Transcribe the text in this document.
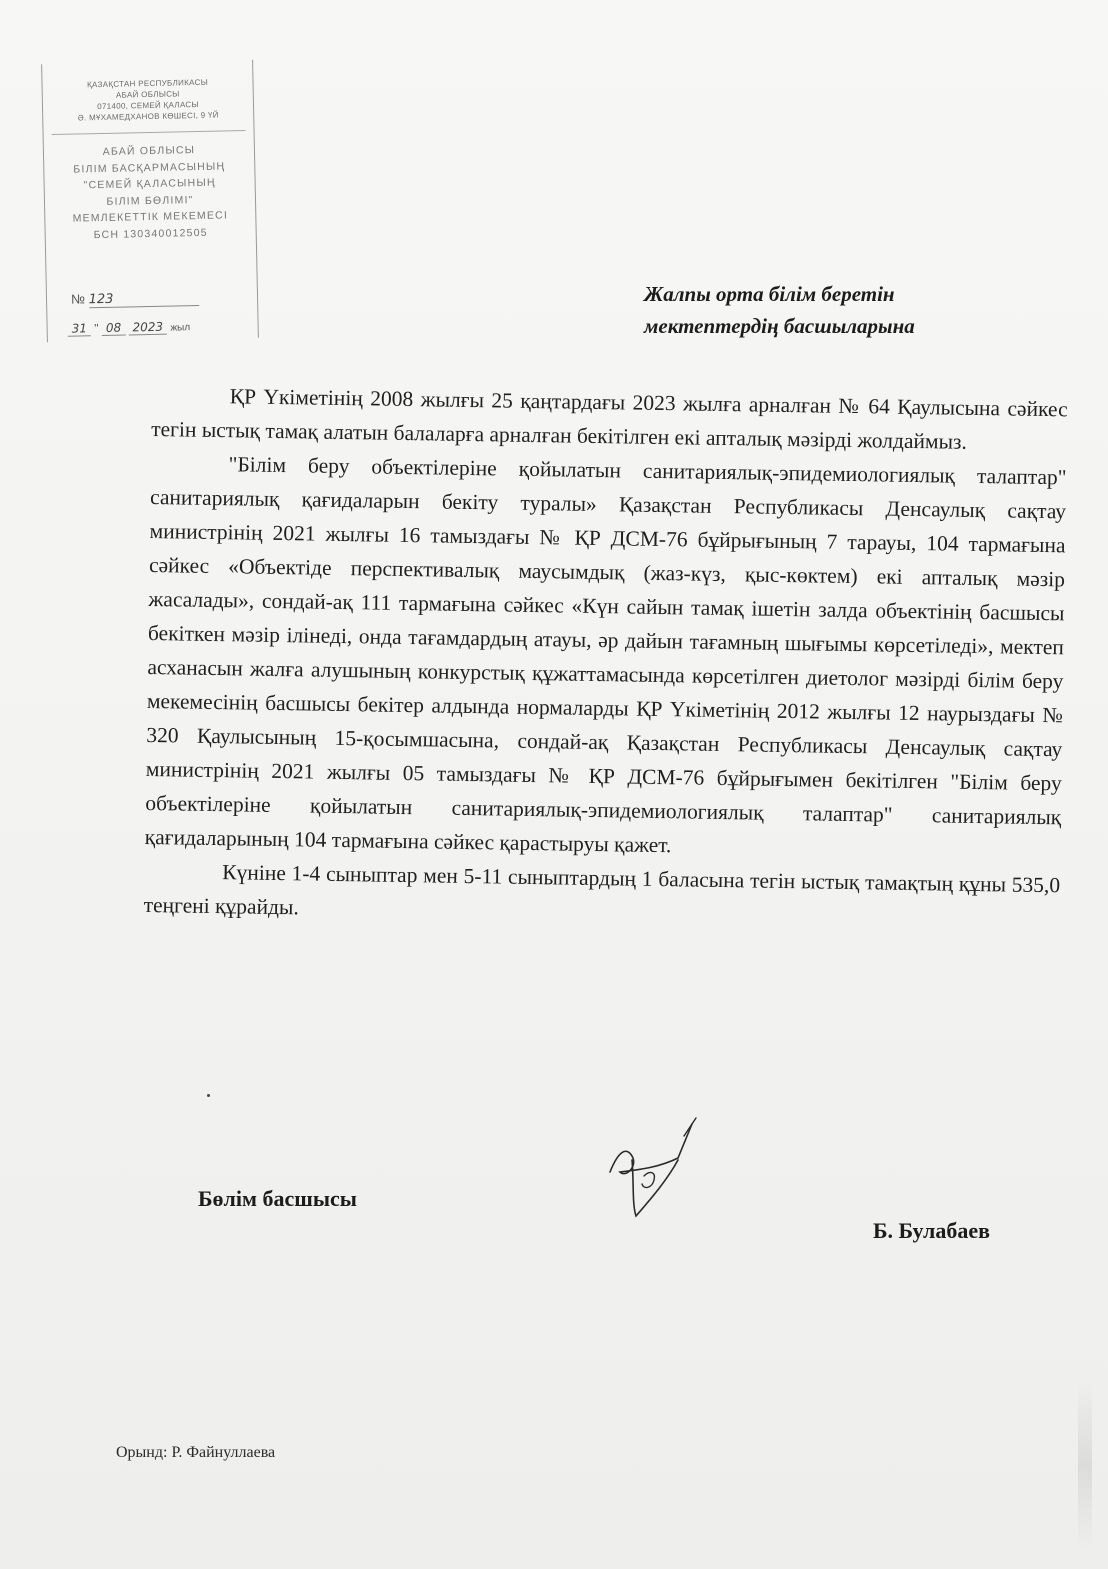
ҚАЗАҚСТАН РЕСПУБЛИКАСЫ
АБАЙ ОБЛЫСЫ
071400, СЕМЕЙ ҚАЛАСЫ
Ә. МҰХАМЕДХАНОВ КӨШЕСІ, 9 ҮЙ
АБАЙ ОБЛЫСЫ
БІЛІМ БАСҚАРМАСЫНЫҢ
"СЕМЕЙ ҚАЛАСЫНЫҢ
БІЛІМ БӨЛІМІ"
МЕМЛЕКЕТТІК МЕКЕМЕСІ
БСН 130340012505
№ 123
31 " 08 2023 жыл
Жалпы орта білім беретін
мектептердің басшыларына

ҚР Үкіметінің 2008 жылғы 25 қаңтардағы 2023 жылға арналған № 64 Қаулысына сәйкес тегін ыстық тамақ алатын балаларға арналған бекітілген екі апталық мәзірді жолдаймыз.

"Білім беру объектілеріне қойылатын санитариялық-эпидемиологиялық талаптар" санитариялық қағидаларын бекіту туралы» Қазақстан Республикасы Денсаулық сақтау министрінің 2021 жылғы 16 тамыздағы № ҚР ДСМ-76 бұйрығының 7 тарауы, 104 тармағына сәйкес «Объектіде перспективалық маусымдық (жаз-күз, қыс-көктем) екі апталық мәзір жасалады», сондай-ақ 111 тармағына сәйкес «Күн сайын тамақ ішетін залда объектінің басшысы бекіткен мәзір ілінеді, онда тағамдардың атауы, әр дайын тағамның шығымы көрсетіледі», мектеп асханасын жалға алушының конкурстық құжаттамасында көрсетілген диетолог мәзірді білім беру мекемесінің басшысы бекітер алдында нормаларды ҚР Үкіметінің 2012 жылғы 12 наурыздағы № 320 Қаулысының 15-қосымшасына, сондай-ақ Қазақстан Республикасы Денсаулық сақтау министрінің 2021 жылғы 05 тамыздағы № ҚР ДСМ-76 бұйрығымен бекітілген "Білім беру объектілеріне қойылатын санитариялық-эпидемиологиялық талаптар" санитариялық қағидаларының 104 тармағына сәйкес қарастыруы қажет.

Күніне 1-4 сыныптар мен 5-11 сыныптардың 1 баласына тегін ыстық тамақтың құны 535,0 теңгені құрайды.

Бөлім басшысы
Б. Булабаев
Орынд: Р. Файнуллаева
